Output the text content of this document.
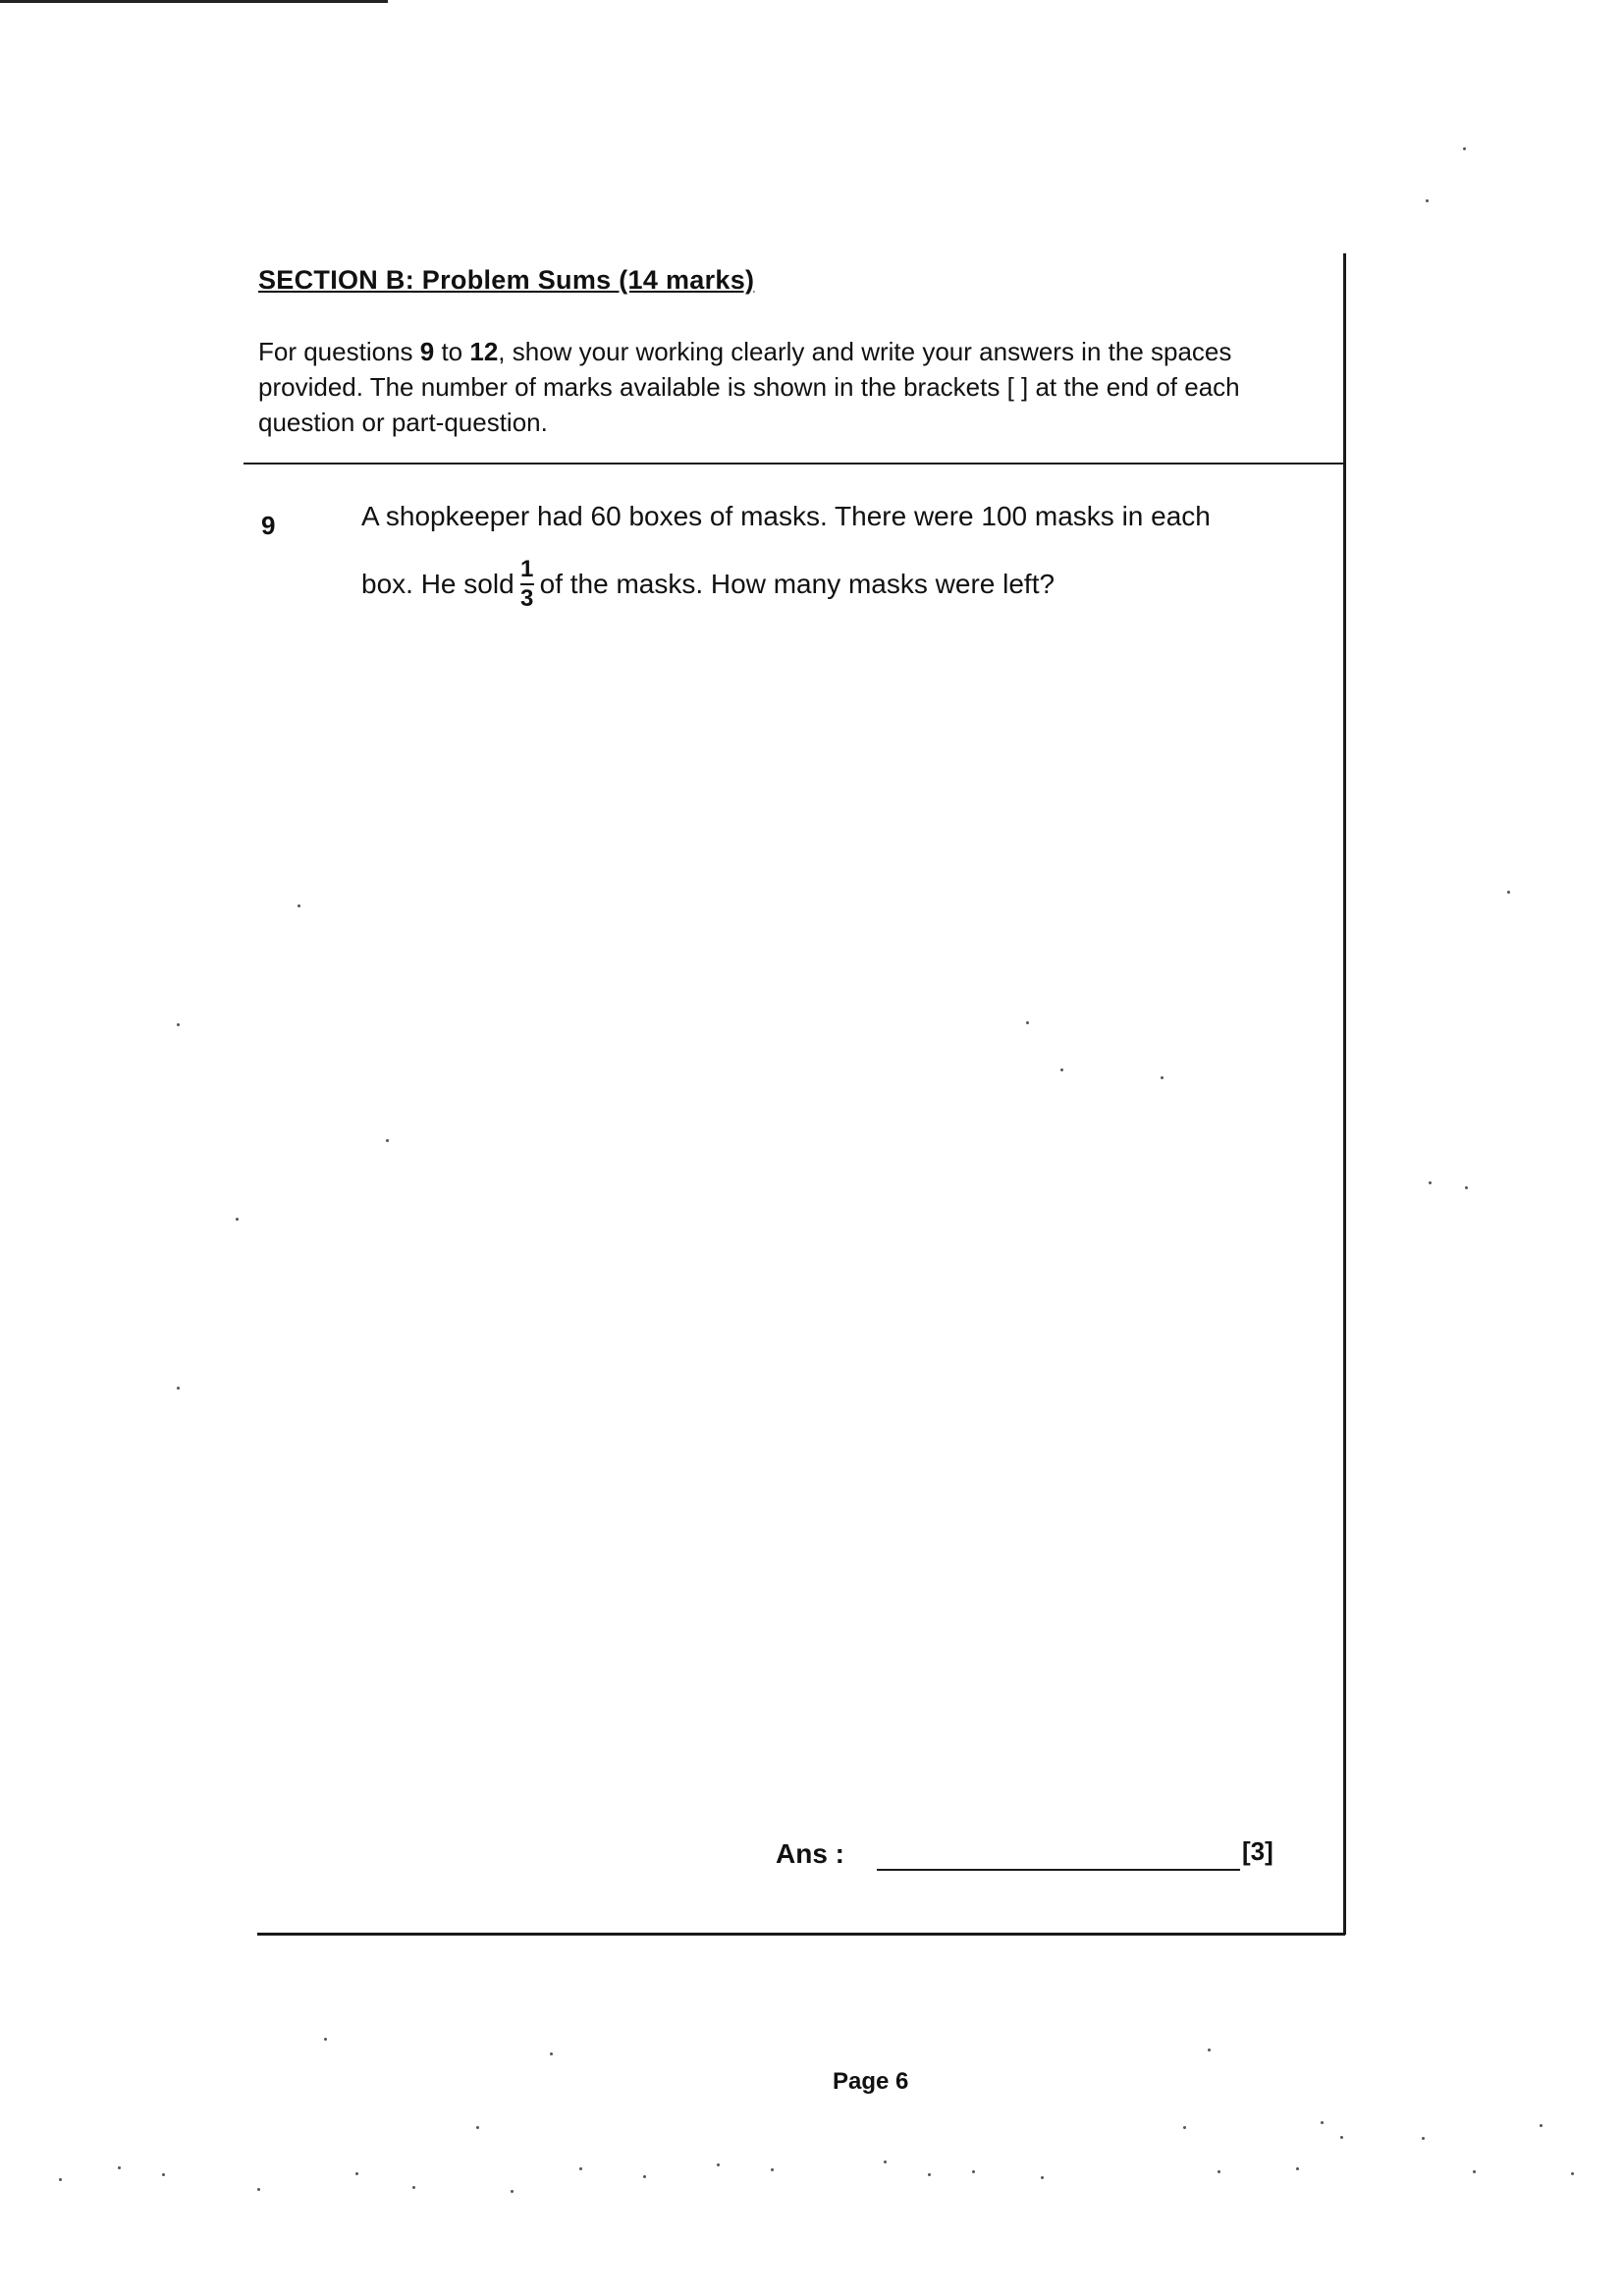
SECTION B: Problem Sums (14 marks)
For questions 9 to 12, show your working clearly and write your answers in the spaces provided. The number of marks available is shown in the brackets [ ] at the end of each question or part-question.
9	A shopkeeper had 60 boxes of masks. There were 100 masks in each
box. He sold $\frac{1}{3}$ of the masks. How many masks were left?
Ans :	[3]
Page 6
